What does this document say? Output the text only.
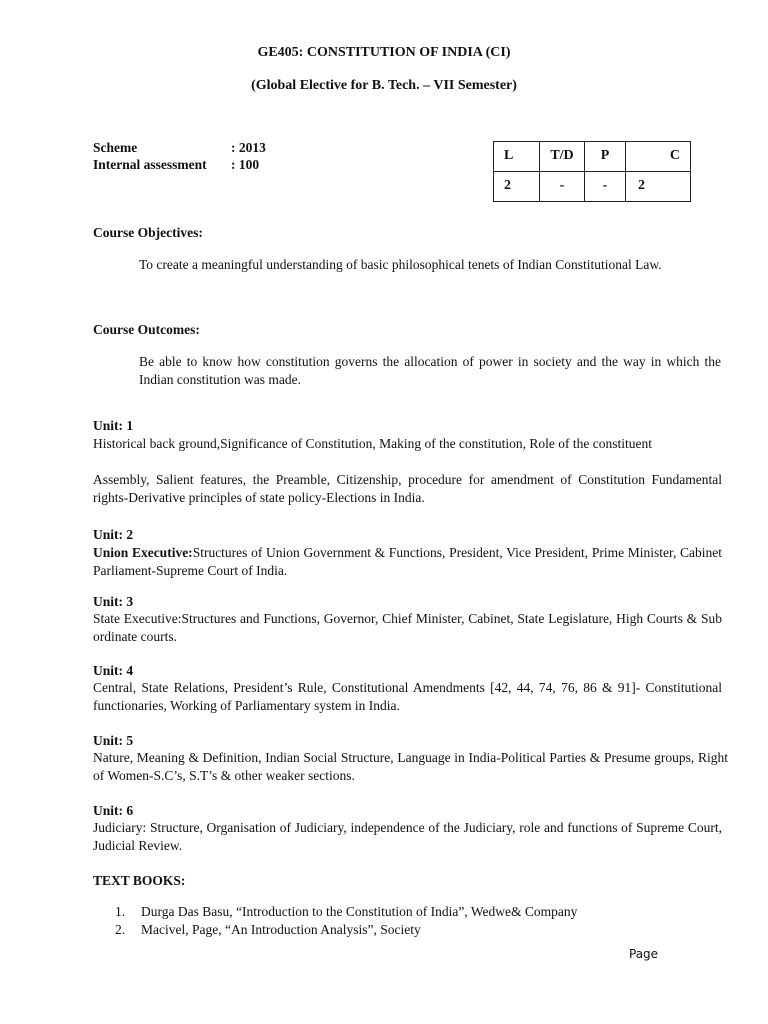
GE405: CONSTITUTION OF INDIA (CI)
(Global Elective for B. Tech. – VII Semester)
Scheme	: 2013
Internal assessment : 100
L	T/D	P	C
2	-	-	2
Course Objectives:
To create a meaningful understanding of basic philosophical tenets of Indian Constitutional Law.
Course Outcomes:
Be able to know how constitution governs the allocation of power in society and the way in which the Indian constitution was made.
Unit: 1
Historical back ground,Significance of Constitution, Making of the constitution, Role of the constituent
Assembly, Salient features, the Preamble, Citizenship, procedure for amendment of Constitution Fundamental rights-Derivative principles of state policy-Elections in India.
Unit: 2
Union Executive:Structures of Union Government & Functions, President, Vice President, Prime Minister, Cabinet Parliament-Supreme Court of India.
Unit: 3
State Executive:Structures and Functions, Governor, Chief Minister, Cabinet, State Legislature, High Courts & Sub ordinate courts.
Unit: 4
Central, State Relations, President’s Rule, Constitutional Amendments [42, 44, 74, 76, 86 & 91]- Constitutional functionaries, Working of Parliamentary system in India.
Unit: 5
Nature, Meaning & Definition, Indian Social Structure, Language in India-Political Parties & Presume groups, Right of Women-S.C’s, S.T’s & other weaker sections.
Unit: 6
Judiciary: Structure, Organisation of Judiciary, independence of the Judiciary, role and functions of Supreme Court, Judicial Review.
TEXT BOOKS:
1.	Durga Das Basu, “Introduction to the Constitution of India”, Wedwe& Company
2.	Macivel, Page, “An Introduction Analysis”, Society
Page
